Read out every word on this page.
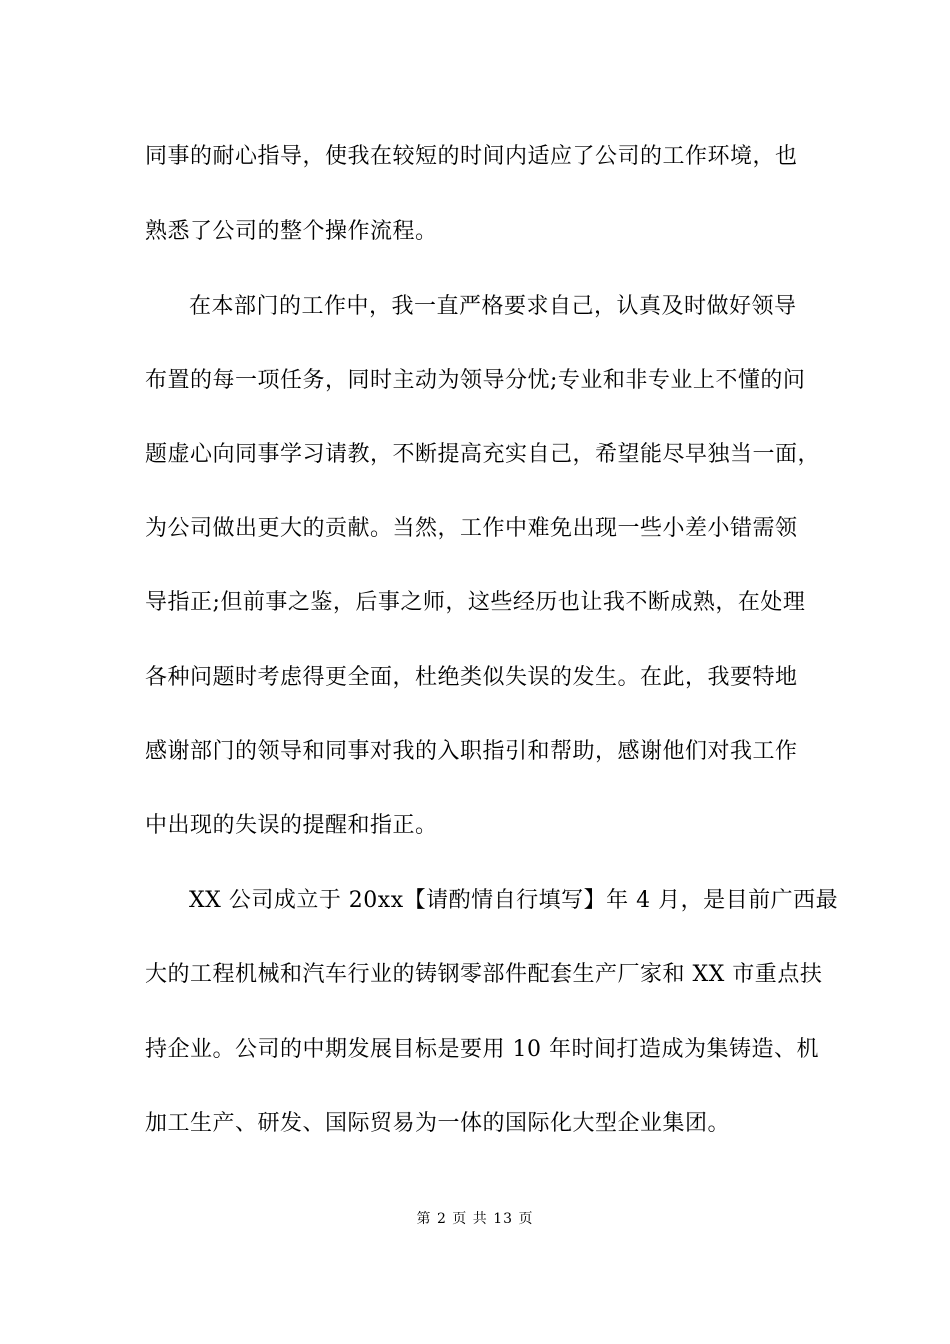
同事的耐心指导，使我在较短的时间内适应了公司的工作环境，也
熟悉了公司的整个操作流程。
在本部门的工作中，我一直严格要求自己，认真及时做好领导
布置的每一项任务，同时主动为领导分忧;专业和非专业上不懂的问
题虚心向同事学习请教，不断提高充实自己，希望能尽早独当一面，
为公司做出更大的贡献。当然，工作中难免出现一些小差小错需领
导指正;但前事之鉴，后事之师，这些经历也让我不断成熟，在处理
各种问题时考虑得更全面，杜绝类似失误的发生。在此，我要特地
感谢部门的领导和同事对我的入职指引和帮助，感谢他们对我工作
中出现的失误的提醒和指正。
XX 公司成立于 20xx【请酌情自行填写】年 4 月，是目前广西最
大的工程机械和汽车行业的铸钢零部件配套生产厂家和 XX 市重点扶
持企业。公司的中期发展目标是要用 10 年时间打造成为集铸造、机
加工生产、研发、国际贸易为一体的国际化大型企业集团。
第 2 页 共 13 页
